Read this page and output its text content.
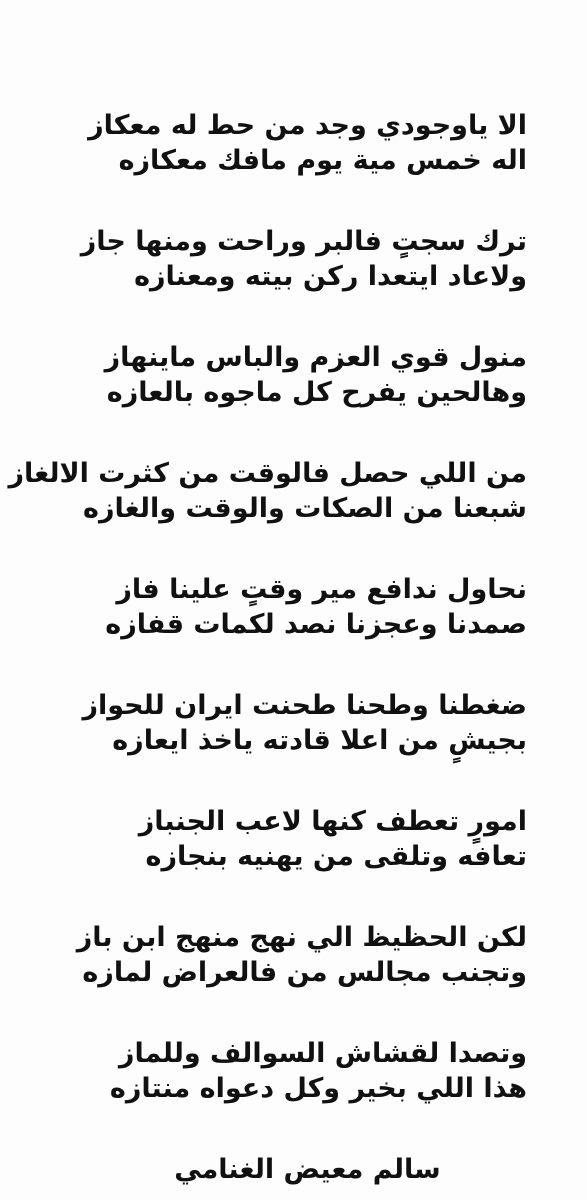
الا ياوجودي وجد من حط له معكاز
اله خمس مية يوم مافك معكازه
ترك سجتٍ فالبر وراحت ومنها جاز
ولاعاد ايتعدا ركن بيته ومعنازه
منول قوي العزم والباس ماينهاز
وهالحين يفرح كل ماجوه بالعازه
من اللي حصل فالوقت من كثرت الالغاز
شبعنا من الصكات والوقت والغازه
نحاول ندافع مير وقتٍ علينا فاز
صمدنا وعجزنا نصد لكمات قفازه
ضغطنا وطحنا طحنت ايران للحواز
بجيشٍ من اعلا قادته ياخذ ايعازه
امورٍ تعطف كنها لاعب الجنباز
تعافه وتلقى من يهنيه بنجازه
لكن الحظيظ الي نهج منهج ابن باز
وتجنب مجالس من فالعراض لمازه
وتصدا لقشاش السوالف وللماز
هذا اللي بخير وكل دعواه منتازه
سالم معيض الغنامي
